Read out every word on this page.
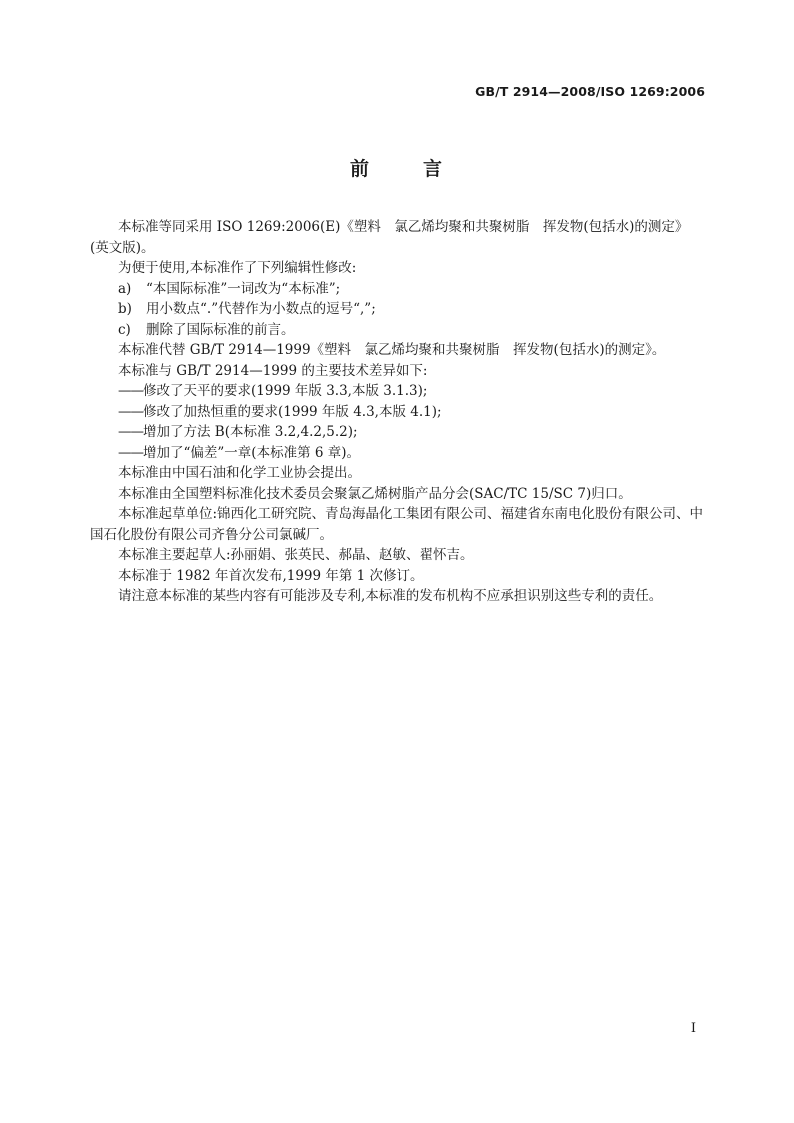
GB/T 2914—2008/ISO 1269:2006
前	言

本标准等同采用 ISO 1269:2006(E)《塑料　氯乙烯均聚和共聚树脂　挥发物(包括水)的测定》(英文版)。

为便于使用,本标准作了下列编辑性修改:

a) “本国际标准”一词改为“本标准”;

b) 用小数点“.”代替作为小数点的逗号“,”;

c) 删除了国际标准的前言。

本标准代替 GB/T 2914—1999《塑料　氯乙烯均聚和共聚树脂　挥发物(包括水)的测定》。

本标准与 GB/T 2914—1999 的主要技术差异如下:

——修改了天平的要求(1999 年版 3.3,本版 3.1.3);

——修改了加热恒重的要求(1999 年版 4.3,本版 4.1);

——增加了方法 B(本标准 3.2,4.2,5.2);

——增加了“偏差”一章(本标准第 6 章)。

本标准由中国石油和化学工业协会提出。

本标准由全国塑料标准化技术委员会聚氯乙烯树脂产品分会(SAC/TC 15/SC 7)归口。

本标准起草单位:锦西化工研究院、青岛海晶化工集团有限公司、福建省东南电化股份有限公司、中国石化股份有限公司齐鲁分公司氯碱厂。

本标准主要起草人:孙丽娟、张英民、郝晶、赵敏、翟怀吉。

本标准于 1982 年首次发布,1999 年第 1 次修订。

请注意本标准的某些内容有可能涉及专利,本标准的发布机构不应承担识别这些专利的责任。

I
